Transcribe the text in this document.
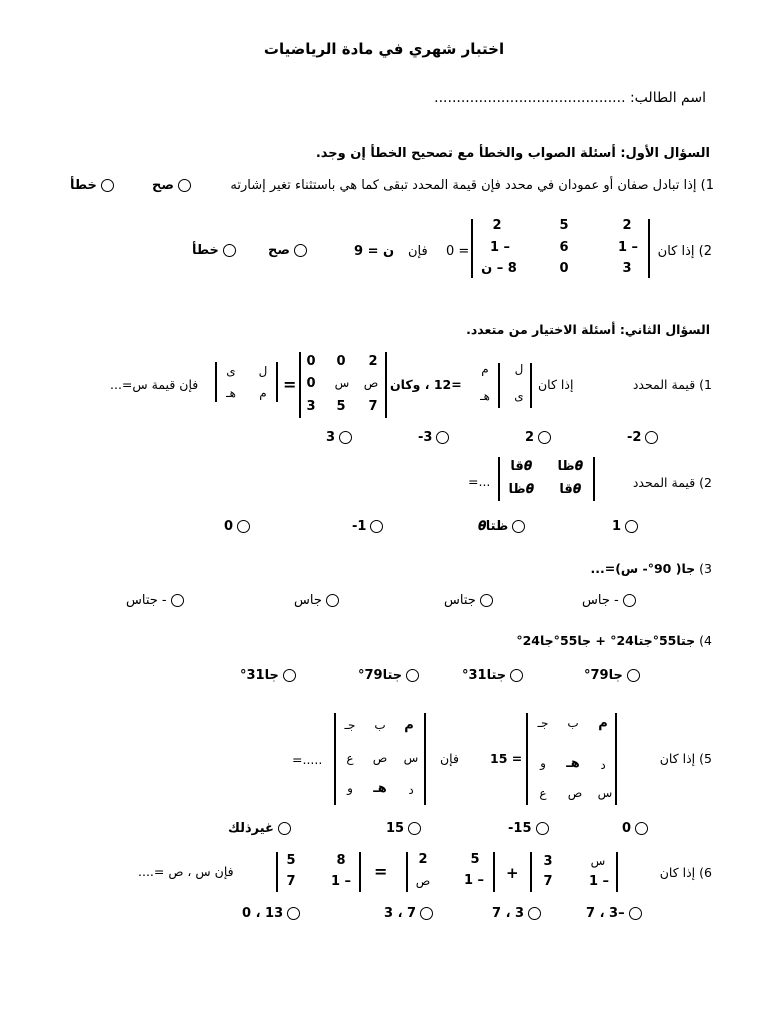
اختبار شهري في مادة الرياضيات
اسم الطالب: ...........................................
السؤال الأول: أسئلة الصواب والخطأ مع تصحيح الخطأ إن وجد.
1) إذا تبادل صفان أو عمودان في محدد فإن قيمة المحدد تبقى كما هي باستثناء تغير إشارته
صح
خطأ
2) إذا كان
2
5
2
1 –
6
1 –
3
0
8 – ن
= 0
فإن
ن = 9
صح
خطأ
السؤال الثاني: أسئلة الاختيار من متعدد.
1) قيمة المحدد
إذا كان
ل
م
ى
هـ
=12 ، وكان
ص
س
0
0	0	2
7
5
3
=
ل
ى
م
هـ
فإن قيمة س=...
2-
2
3-
3
2) قيمة المحدد
ظا𝜽
قا𝜽
قا𝜽
ظا𝜽
=...
1
ظتا𝜽
1-
0
3) جا( 90°- س)=...
- جاس
جتاس
جاس
- جتاس
4) جتا55°جتا24° + جا55°جا24°
جا79°
جتا31°
جتا79°
جا31°
5) إذا كان
م
ب
جـ
د
هـ
و
س
ص
ع
= 15
فإن
م
ب
جـ
س
ص
ع
د
هـ
و
=.....
0
15-
15
غيرذلك
6) إذا كان
س
3
1 –
7
+
5
2
1 –
ص
=
8
5
1 –
7
فإن س ، ص =....
–3 ، 7
3 ، 7
7 ، 3
13 ، 0
